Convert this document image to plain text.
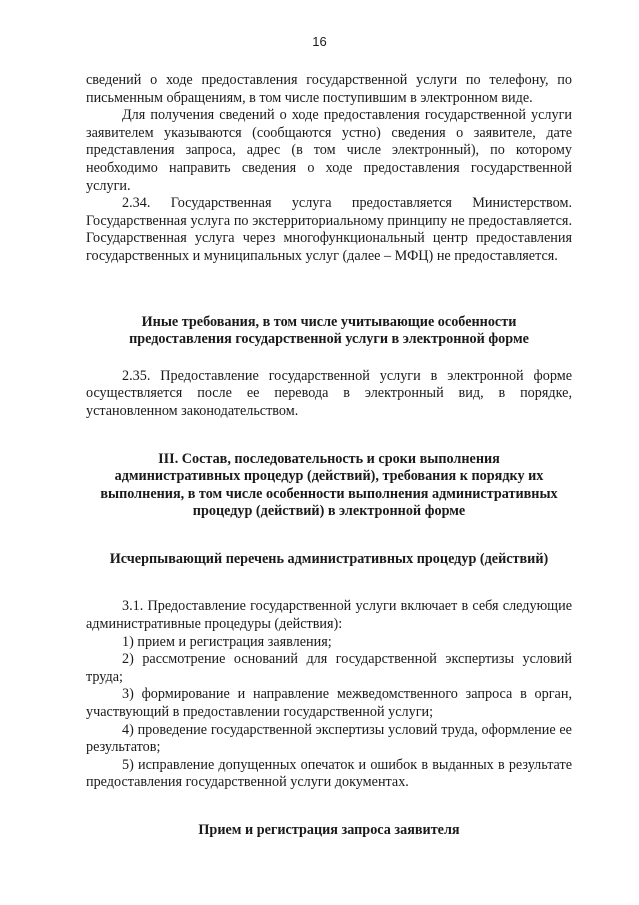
16

сведений о ходе предоставления государственной услуги по телефону, по письменным обращениям, в том числе поступившим в электронном виде.

Для получения сведений о ходе предоставления государственной услуги заявителем указываются (сообщаются устно) сведения о заявителе, дате представления запроса, адрес (в том числе электронный), по которому необходимо направить сведения о ходе предоставления государственной услуги.

2.34. Государственная услуга предоставляется Министерством. Государственная услуга по экстерриториальному принципу не предоставляется. Государственная услуга через многофункциональный центр предоставления государственных и муниципальных услуг (далее – МФЦ) не предоставляется.

Иные требования, в том числе учитывающие особенности

предоставления государственной услуги в электронной форме

2.35. Предоставление государственной услуги в электронной форме осуществляется после ее перевода в электронный вид, в порядке, установленном законодательством.

III. Состав, последовательность и сроки выполнения

административных процедур (действий), требования к порядку их

выполнения, в том числе особенности выполнения административных

процедур (действий) в электронной форме

Исчерпывающий перечень административных процедур (действий)

3.1. Предоставление государственной услуги включает в себя следующие административные процедуры (действия):

1) прием и регистрация заявления;

2) рассмотрение оснований для государственной экспертизы условий труда;

3) формирование и направление межведомственного запроса в орган, участвующий в предоставлении государственной услуги;

4) проведение государственной экспертизы условий труда, оформление ее результатов;

5) исправление допущенных опечаток и ошибок в выданных в результате предоставления государственной услуги документах.

Прием и регистрация запроса заявителя
